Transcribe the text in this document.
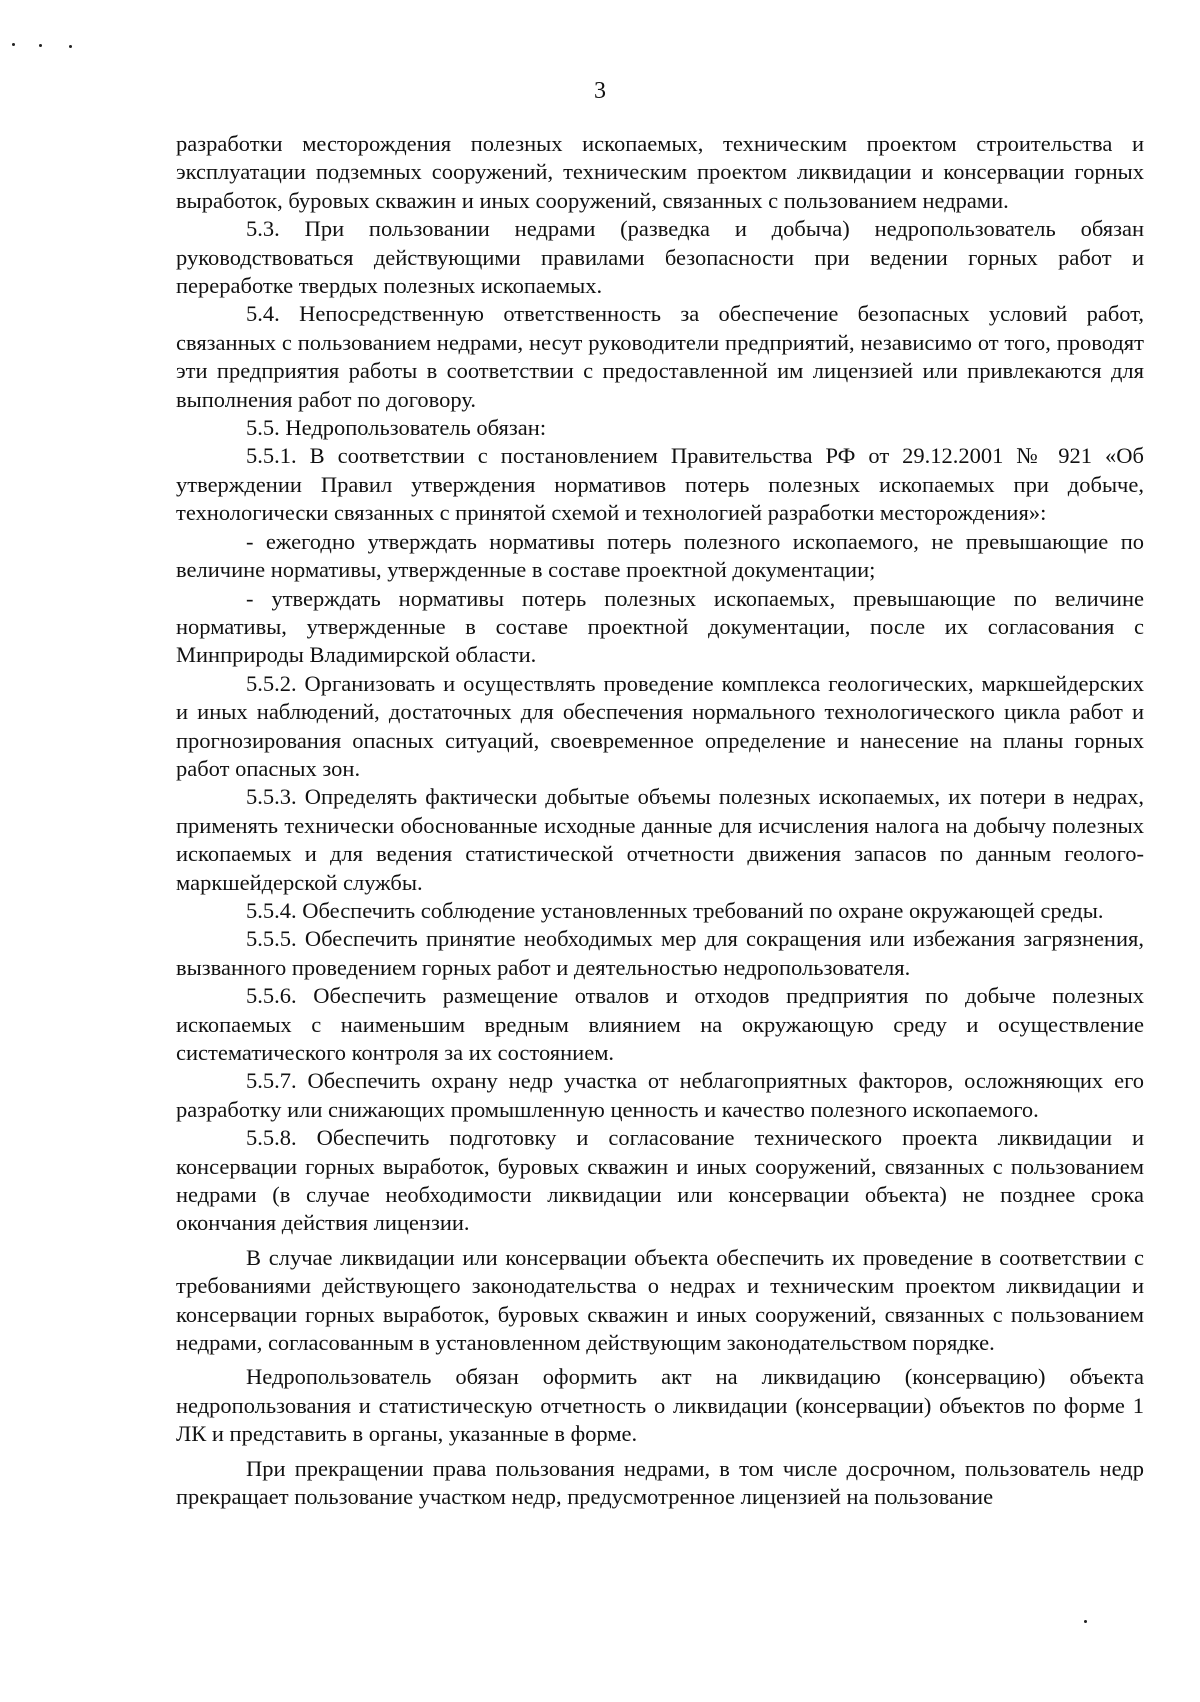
3

разработки месторождения полезных ископаемых, техническим проектом строительства и эксплуатации подземных сооружений, техническим проектом ликвидации и консервации горных выработок, буровых скважин и иных сооружений, связанных с пользованием недрами.

5.3. При пользовании недрами (разведка и добыча) недропользователь обязан руководствоваться действующими правилами безопасности при ведении горных работ и переработке твердых полезных ископаемых.

5.4. Непосредственную ответственность за обеспечение безопасных условий работ, связанных с пользованием недрами, несут руководители предприятий, независимо от того, проводят эти предприятия работы в соответствии с предоставленной им лицензией или привлекаются для выполнения работ по договору.

5.5. Недропользователь обязан:

5.5.1. В соответствии с постановлением Правительства РФ от 29.12.2001 № 921 «Об утверждении Правил утверждения нормативов потерь полезных ископаемых при добыче, технологически связанных с принятой схемой и технологией разработки месторождения»:

- ежегодно утверждать нормативы потерь полезного ископаемого, не превышающие по величине нормативы, утвержденные в составе проектной документации;

- утверждать нормативы потерь полезных ископаемых, превышающие по величине нормативы, утвержденные в составе проектной документации, после их согласования с Минприроды Владимирской области.

5.5.2. Организовать и осуществлять проведение комплекса геологических, маркшейдерских и иных наблюдений, достаточных для обеспечения нормального технологического цикла работ и прогнозирования опасных ситуаций, своевременное определение и нанесение на планы горных работ опасных зон.

5.5.3. Определять фактически добытые объемы полезных ископаемых, их потери в недрах, применять технически обоснованные исходные данные для исчисления налога на добычу полезных ископаемых и для ведения статистической отчетности движения запасов по данным геолого-маркшейдерской службы.

5.5.4. Обеспечить соблюдение установленных требований по охране окружающей среды.

5.5.5. Обеспечить принятие необходимых мер для сокращения или избежания загрязнения, вызванного проведением горных работ и деятельностью недропользователя.

5.5.6. Обеспечить размещение отвалов и отходов предприятия по добыче полезных ископаемых с наименьшим вредным влиянием на окружающую среду и осуществление систематического контроля за их состоянием.

5.5.7. Обеспечить охрану недр участка от неблагоприятных факторов, осложняющих его разработку или снижающих промышленную ценность и качество полезного ископаемого.

5.5.8. Обеспечить подготовку и согласование технического проекта ликвидации и консервации горных выработок, буровых скважин и иных сооружений, связанных с пользованием недрами (в случае необходимости ликвидации или консервации объекта) не позднее срока окончания действия лицензии.

В случае ликвидации или консервации объекта обеспечить их проведение в соответствии с требованиями действующего законодательства о недрах и техническим проектом ликвидации и консервации горных выработок, буровых скважин и иных сооружений, связанных с пользованием недрами, согласованным в установленном действующим законодательством порядке.

Недропользователь обязан оформить акт на ликвидацию (консервацию) объекта недропользования и статистическую отчетность о ликвидации (консервации) объектов по форме 1 ЛК и представить в органы, указанные в форме.

При прекращении права пользования недрами, в том числе досрочном, пользователь недр прекращает пользование участком недр, предусмотренное лицензией на пользование
